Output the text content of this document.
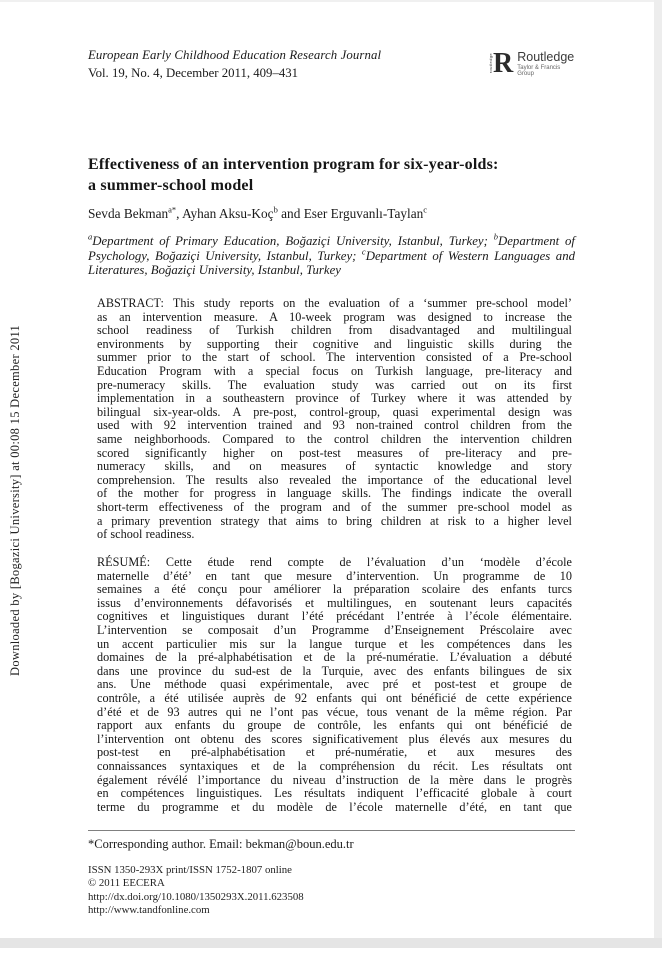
Downloaded by [Bogazici University] at 00:08 15 December 2011
European Early Childhood Education Research Journal
Vol. 19, No. 4, December 2011, 409–431	routledge R Routledge
Taylor & Francis Group
Effectiveness of an intervention program for six-year-olds:
a summer-school model
Sevda Bekman$^{a*}$, Ayhan Aksu-Koç$^b$ and Eser Erguvanlı-Taylan$^c$
$^a$Department of Primary Education, Boğaziçi University, Istanbul, Turkey; $^b$Department of Psychology, Boğaziçi University, Istanbul, Turkey; $^c$Department of Western Languages and Literatures, Boğaziçi University, Istanbul, Turkey
ABSTRACT: This study reports on the evaluation of a ‘summer pre-school model’
as an intervention measure. A 10-week program was designed to increase the
school readiness of Turkish children from disadvantaged and multilingual
environments by supporting their cognitive and linguistic skills during the
summer prior to the start of school. The intervention consisted of a Pre-school
Education Program with a special focus on Turkish language, pre-literacy and
pre-numeracy skills. The evaluation study was carried out on its first
implementation in a southeastern province of Turkey where it was attended by
bilingual six-year-olds. A pre-post, control-group, quasi experimental design was
used with 92 intervention trained and 93 non-trained control children from the
same neighborhoods. Compared to the control children the intervention children
scored significantly higher on post-test measures of pre-literacy and pre-
numeracy skills, and on measures of syntactic knowledge and story
comprehension. The results also revealed the importance of the educational level
of the mother for progress in language skills. The findings indicate the overall
short-term effectiveness of the program and of the summer pre-school model as
a primary prevention strategy that aims to bring children at risk to a higher level
of school readiness.
RÉSUMÉ: Cette étude rend compte de l’évaluation d’un ‘modèle d’école
maternelle d’été’ en tant que mesure d’intervention. Un programme de 10
semaines a été conçu pour améliorer la préparation scolaire des enfants turcs
issus d’environnements défavorisés et multilingues, en soutenant leurs capacités
cognitives et linguistiques durant l’été précédant l’entrée à l’école élémentaire.
L’intervention se composait d’un Programme d’Enseignement Préscolaire avec
un accent particulier mis sur la langue turque et les compétences dans les
domaines de la pré-alphabétisation et de la pré-numératie. L’évaluation a débuté
dans une province du sud-est de la Turquie, avec des enfants bilingues de six
ans. Une méthode quasi expérimentale, avec pré et post-test et groupe de
contrôle, a été utilisée auprès de 92 enfants qui ont bénéficié de cette expérience
d’été et de 93 autres qui ne l’ont pas vécue, tous venant de la même région. Par
rapport aux enfants du groupe de contrôle, les enfants qui ont bénéficié de
l’intervention ont obtenu des scores significativement plus élevés aux mesures du
post-test en pré-alphabétisation et pré-numératie, et aux mesures des
connaissances syntaxiques et de la compréhension du récit. Les résultats ont
également révélé l’importance du niveau d’instruction de la mère dans le progrès
en compétences linguistiques. Les résultats indiquent l’efficacité globale à court
terme du programme et du modèle de l’école maternelle d’été, en tant que
*Corresponding author. Email: bekman@boun.edu.tr
ISSN 1350-293X print/ISSN 1752-1807 online
© 2011 EECERA
http://dx.doi.org/10.1080/1350293X.2011.623508
http://www.tandfonline.com
